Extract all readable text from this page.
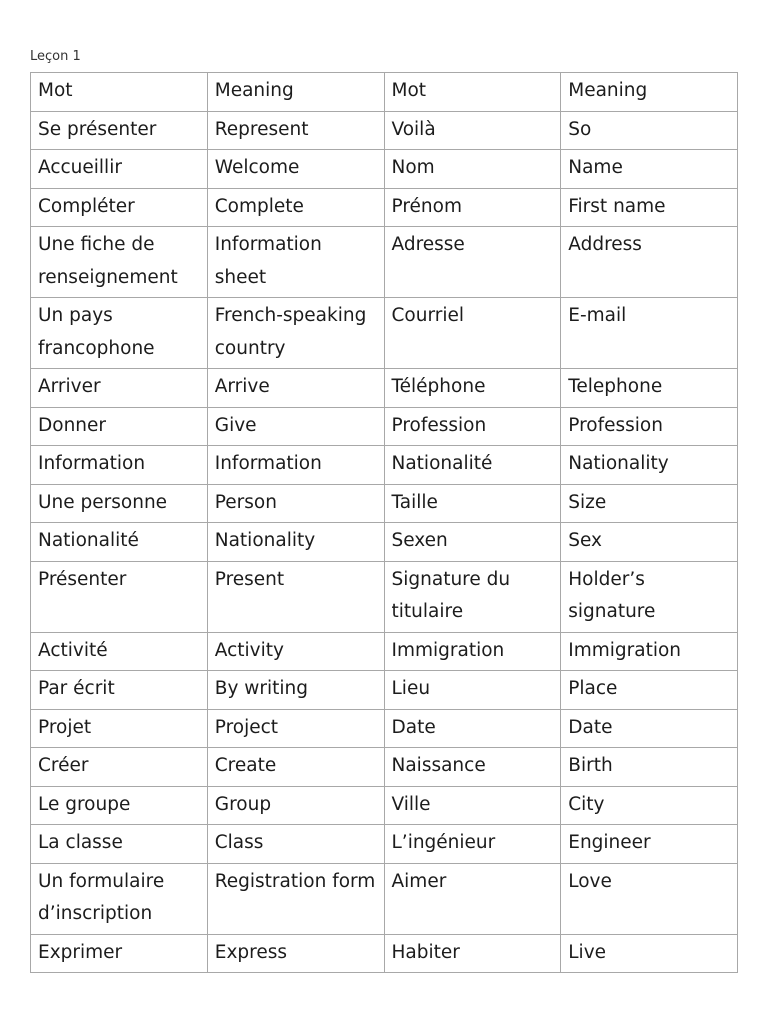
Leçon 1
Mot	Meaning	Mot	Meaning
Se présenter	Represent	Voilà	So
Accueillir	Welcome	Nom	Name
Compléter	Complete	Prénom	First name
Une fiche de renseignement	Information sheet	Adresse	Address
Un pays francophone	French-speaking country	Courriel	E-mail
Arriver	Arrive	Téléphone	Telephone
Donner	Give	Profession	Profession
Information	Information	Nationalité	Nationality
Une personne	Person	Taille	Size
Nationalité	Nationality	Sexen	Sex
Présenter	Present	Signature du titulaire	Holder’s signature
Activité	Activity	Immigration	Immigration
Par écrit	By writing	Lieu	Place
Projet	Project	Date	Date
Créer	Create	Naissance	Birth
Le groupe	Group	Ville	City
La classe	Class	L’ingénieur	Engineer
Un formulaire d’inscription	Registration form	Aimer	Love
Exprimer	Express	Habiter	Live
